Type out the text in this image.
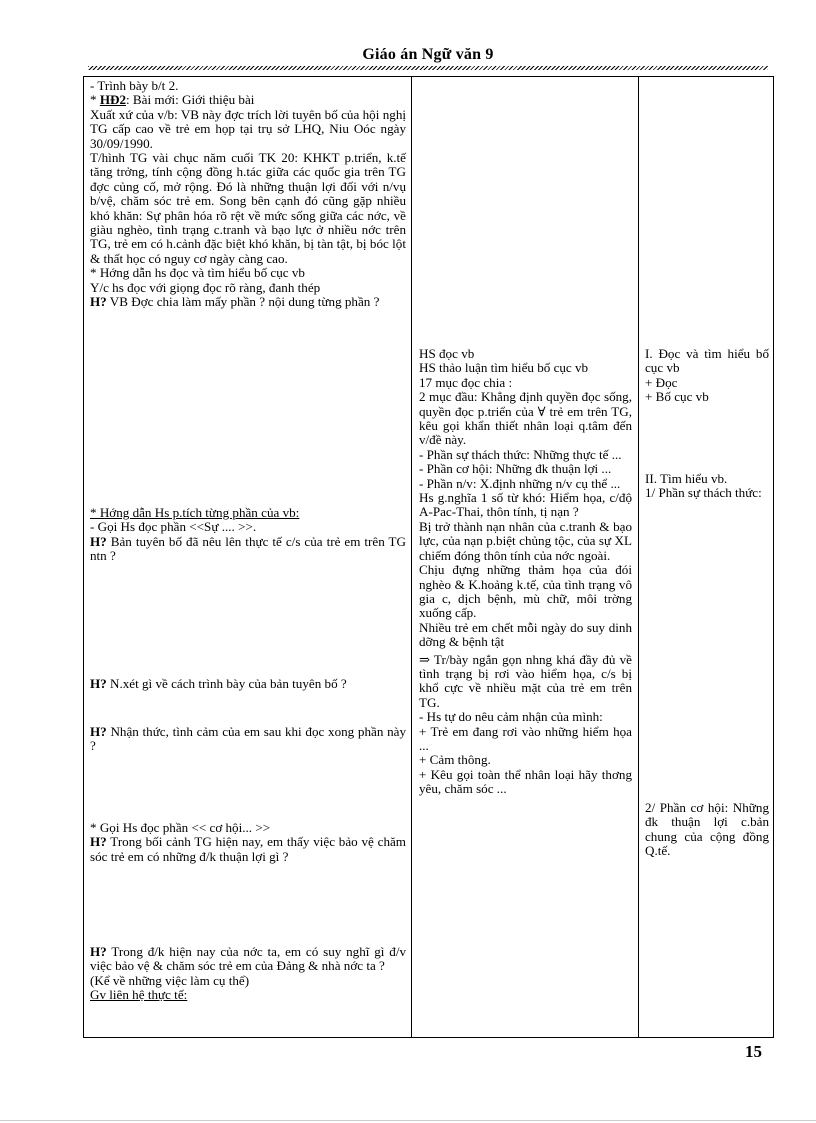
Giáo án Ngữ văn 9
- Trình bày b/t 2.
* HĐ2: Bài mới: Giới thiệu bài
Xuất xứ của v/b: VB này đợc trích lời tuyên bố của hội nghị TG cấp cao về trẻ em họp tại trụ sở LHQ, Niu Oóc ngày 30/09/1990.
T/hình TG vài chục năm cuối TK 20: KHKT p.triển, k.tế tăng trởng, tính cộng đồng h.tác giữa các quốc gia trên TG đợc củng cố, mở rộng. Đó là những thuận lợi đối với n/vụ b/vệ, chăm sóc trẻ em. Song bên cạnh đó cũng gặp nhiều khó khăn: Sự phân hóa rõ rệt về mức sống giữa các nớc, về giàu nghèo, tình trạng c.tranh và bạo lực ở nhiều nớc trên TG, trẻ em có h.cảnh đặc biệt khó khăn, bị tàn tật, bị bóc lột & thất học có nguy cơ ngày càng cao.
* Hớng dẫn hs đọc và tìm hiểu bố cục vb
Y/c hs đọc với giọng đọc rõ ràng, đanh thép
H? VB Đợc chia làm mấy phần ? nội dung từng phần ?
* Hớng dẫn Hs p.tích từng phần của vb:
- Gọi Hs đọc phần <<Sự .... >>.
H? Bản tuyên bố đã nêu lên thực tế c/s của trẻ em trên TG ntn ?
H? N.xét gì về cách trình bày của bản tuyên bố ?
H? Nhận thức, tình cảm của em sau khi đọc xong phần này ?
* Gọi Hs đọc phần << cơ hội... >>
H? Trong bối cảnh TG hiện nay, em thấy việc bảo vệ chăm sóc trẻ em có những đ/k thuận lợi gì ?
H? Trong đ/k hiện nay của nớc ta, em có suy nghĩ gì đ/v việc bảo vệ & chăm sóc trẻ em của Đảng & nhà nớc ta ?
(Kể về những việc làm cụ thể)
Gv liên hệ thực tế:
HS đọc vb
HS thảo luận tìm hiểu bố cục vb
17 mục đọc chia :
2 mục đầu: Khẳng định quyền đọc sống, quyền đọc p.triển của ∀ trẻ em trên TG, kêu gọi khẩn thiết nhân loại q.tâm đến v/đề này.
- Phần sự thách thức: Những thực tế ...
- Phần cơ hội: Những đk thuận lợi ...
- Phần n/v: X.định những n/v cụ thể ...
Hs g.nghĩa 1 số từ khó: Hiểm họa, c/độ A-Pac-Thai, thôn tính, tị nạn ?
Bị trở thành nạn nhân của c.tranh & bạo lực, của nạn p.biệt chủng tộc, của sự XL chiếm đóng thôn tính của nớc ngoài.
Chịu đựng những thảm họa của đói nghèo & K.hoảng k.tế, của tình trạng vô gia c, dịch bệnh, mù chữ, môi trờng xuống cấp.
Nhiều trẻ em chết mỗi ngày do suy dinh dỡng & bệnh tật
⇒ Tr/bày ngắn gọn nhng khá đầy đủ về tình trạng bị rơi vào hiểm họa, c/s bị khổ cực về nhiều mặt của trẻ em trên TG.
- Hs tự do nêu cảm nhận của mình:
+ Trẻ em đang rơi vào những hiểm họa ...
+ Cảm thông.
+ Kêu gọi toàn thể nhân loại hãy thơng yêu, chăm sóc ...
I. Đọc và tìm hiểu bố cục vb
+ Đọc
+ Bố cục vb
II. Tìm hiểu vb.
1/ Phần sự thách thức:
2/ Phần cơ hội: Những đk thuận lợi c.bản chung của cộng đồng Q.tế.
15
